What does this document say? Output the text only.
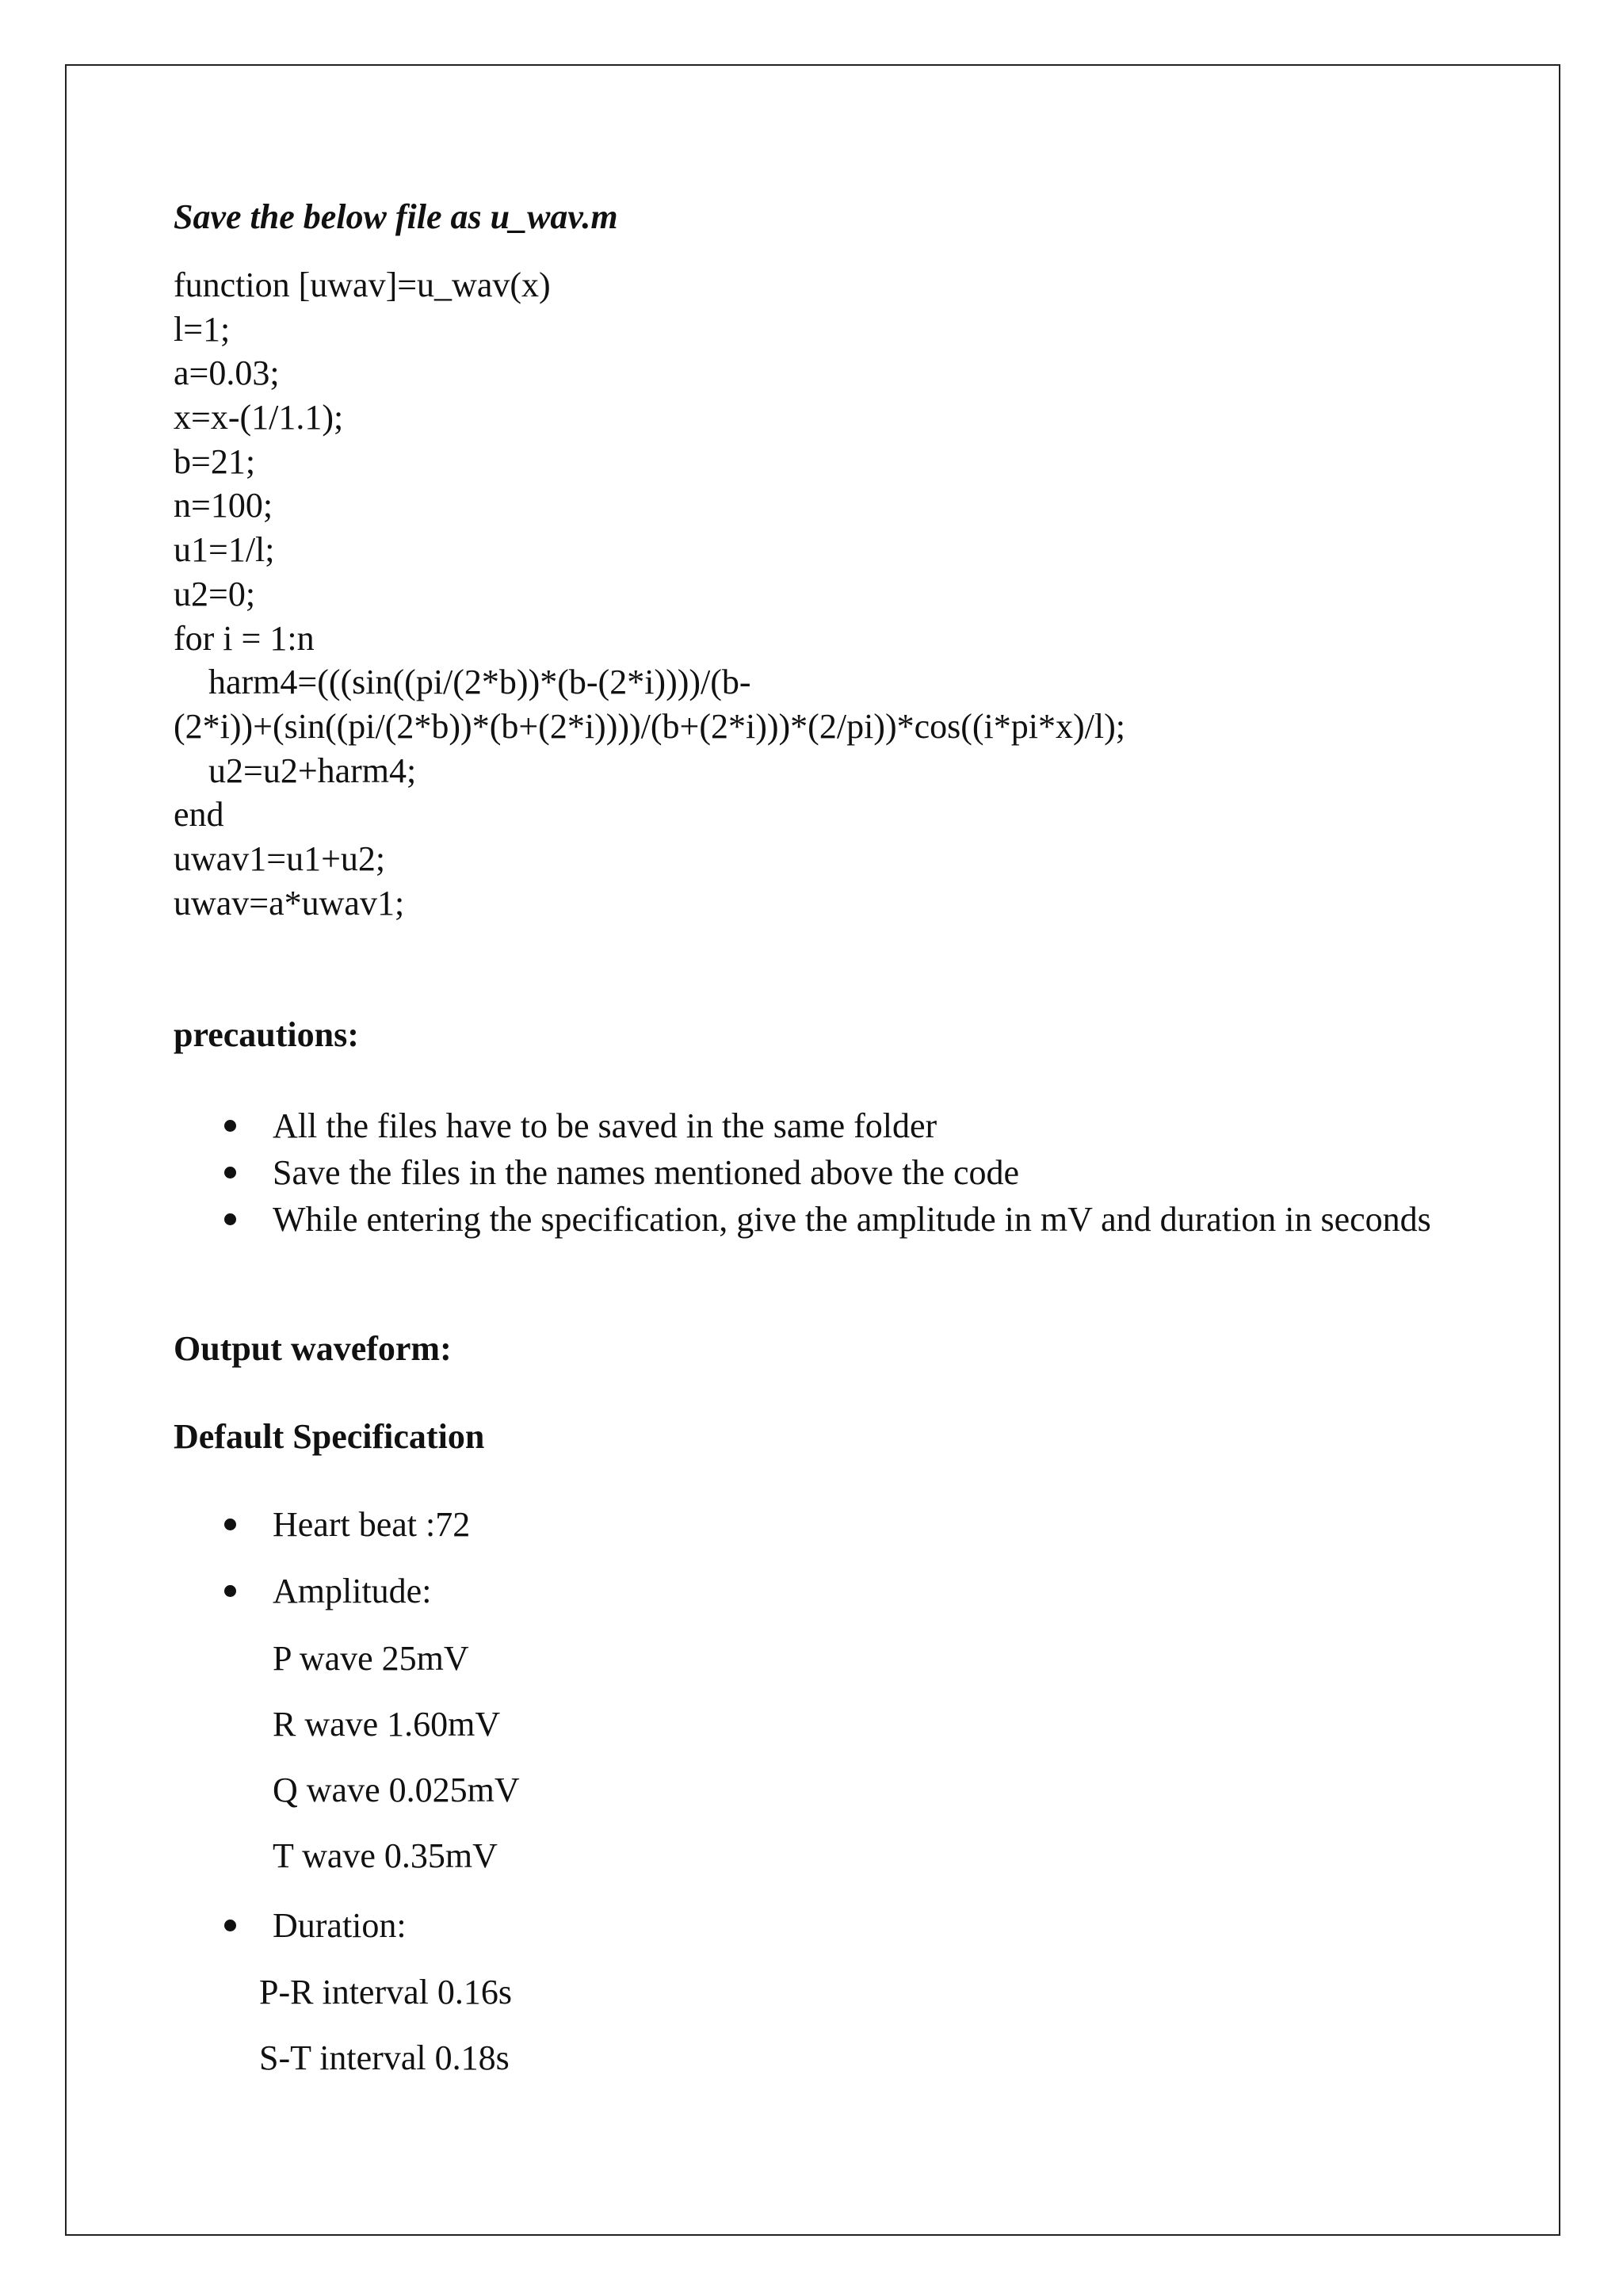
Save the below file as u_wav.m
function [uwav]=u_wav(x)
l=1;
a=0.03;
x=x-(1/1.1);
b=21;
n=100;
u1=1/l;
u2=0;
for i = 1:n
harm4=(((sin((pi/(2*b))*(b-(2*i))))/(b-
(2*i))+(sin((pi/(2*b))*(b+(2*i))))/(b+(2*i)))*(2/pi))*cos((i*pi*x)/l);
u2=u2+harm4;
end
uwav1=u1+u2;
uwav=a*uwav1;
precautions:
All the files have to be saved in the same folder
Save the files in the names mentioned above the code
While entering the specification, give the amplitude in mV and duration in seconds
Output waveform:
Default Specification
Heart beat :72
Amplitude:
P wave 25mV
R wave 1.60mV
Q wave 0.025mV
T wave 0.35mV
Duration:
P-R interval 0.16s
S-T interval 0.18s
